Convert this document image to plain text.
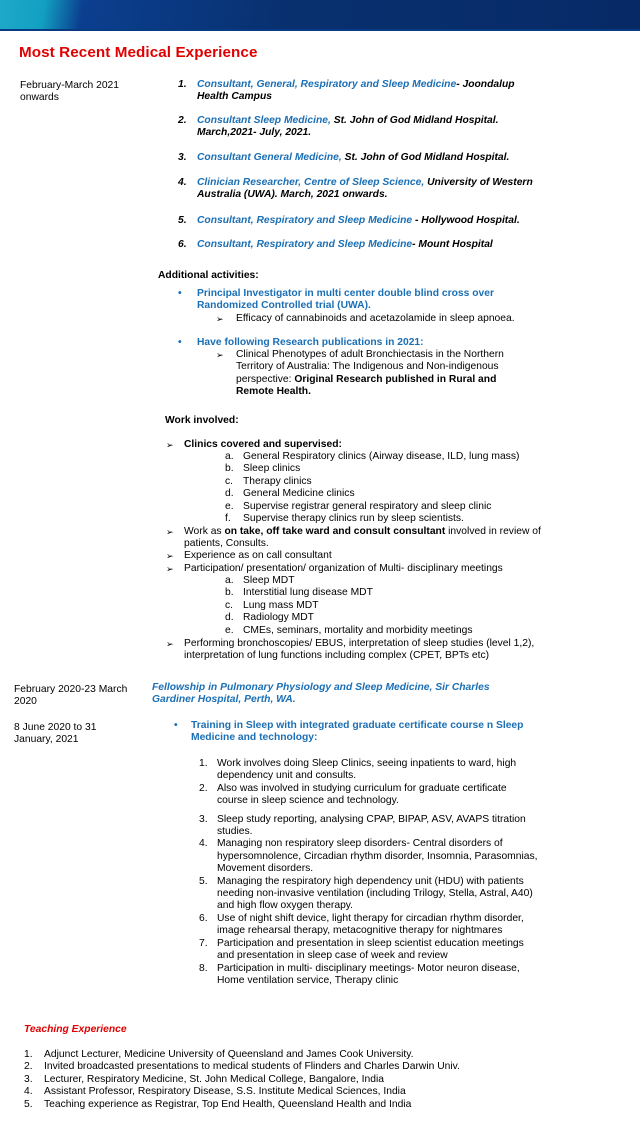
Most Recent Medical Experience
February-March 2021
onwards
1. Consultant, General, Respiratory and Sleep Medicine- Joondalup Health Campus
2. Consultant Sleep Medicine, St. John of God Midland Hospital. March,2021- July, 2021.
3. Consultant General Medicine, St. John of God Midland Hospital.
4. Clinician Researcher, Centre of Sleep Science, University of Western Australia (UWA). March, 2021 onwards.
5. Consultant, Respiratory and Sleep Medicine - Hollywood Hospital.
6. Consultant, Respiratory and Sleep Medicine- Mount Hospital
Additional activities:
• Principal Investigator in multi center double blind cross over Randomized Controlled trial (UWA).
➢ Efficacy of cannabinoids and acetazolamide in sleep apnoea.
• Have following Research publications in 2021:
➢ Clinical Phenotypes of adult Bronchiectasis in the Northern Territory of Australia: The Indigenous and Non-indigenous perspective: Original Research published in Rural and Remote Health.
Work involved:
➢ Clinics covered and supervised:
a. General Respiratory clinics (Airway disease, ILD, lung mass)
b. Sleep clinics
c. Therapy clinics
d. General Medicine clinics
e. Supervise registrar general respiratory and sleep clinic
f. Supervise therapy clinics run by sleep scientists.
➢ Work as on take, off take ward and consult consultant involved in review of patients, Consults.
➢ Experience as on call consultant
➢ Participation/ presentation/ organization of Multi- disciplinary meetings
a. Sleep MDT
b. Interstitial lung disease MDT
c. Lung mass MDT
d. Radiology MDT
e. CMEs, seminars, mortality and morbidity meetings
➢ Performing bronchoscopies/ EBUS, interpretation of sleep studies (level 1,2), interpretation of lung functions including complex (CPET, BPTs etc)
February 2020-23 March
2020
Fellowship in Pulmonary Physiology and Sleep Medicine, Sir Charles Gardiner Hospital, Perth, WA.
8 June 2020 to 31
January, 2021
• Training in Sleep with integrated graduate certificate course n Sleep Medicine and technology:
1. Work involves doing Sleep Clinics, seeing inpatients to ward, high dependency unit and consults.
2. Also was involved in studying curriculum for graduate certificate course in sleep science and technology.
3. Sleep study reporting, analysing CPAP, BIPAP, ASV, AVAPS titration studies.
4. Managing non respiratory sleep disorders- Central disorders of hypersomnolence, Circadian rhythm disorder, Insomnia, Parasomnias, Movement disorders.
5. Managing the respiratory high dependency unit (HDU) with patients needing non-invasive ventilation (including Trilogy, Stella, Astral, A40) and high flow oxygen therapy.
6. Use of night shift device, light therapy for circadian rhythm disorder, image rehearsal therapy, metacognitive therapy for nightmares
7. Participation and presentation in sleep scientist education meetings and presentation in sleep case of week and review
8. Participation in multi- disciplinary meetings- Motor neuron disease, Home ventilation service, Therapy clinic
Teaching Experience
1. Adjunct Lecturer, Medicine University of Queensland and James Cook University.
2. Invited broadcasted presentations to medical students of Flinders and Charles Darwin Univ.
3. Lecturer, Respiratory Medicine, St. John Medical College, Bangalore, India
4. Assistant Professor, Respiratory Disease, S.S. Institute Medical Sciences, India
5. Teaching experience as Registrar, Top End Health, Queensland Health and India
